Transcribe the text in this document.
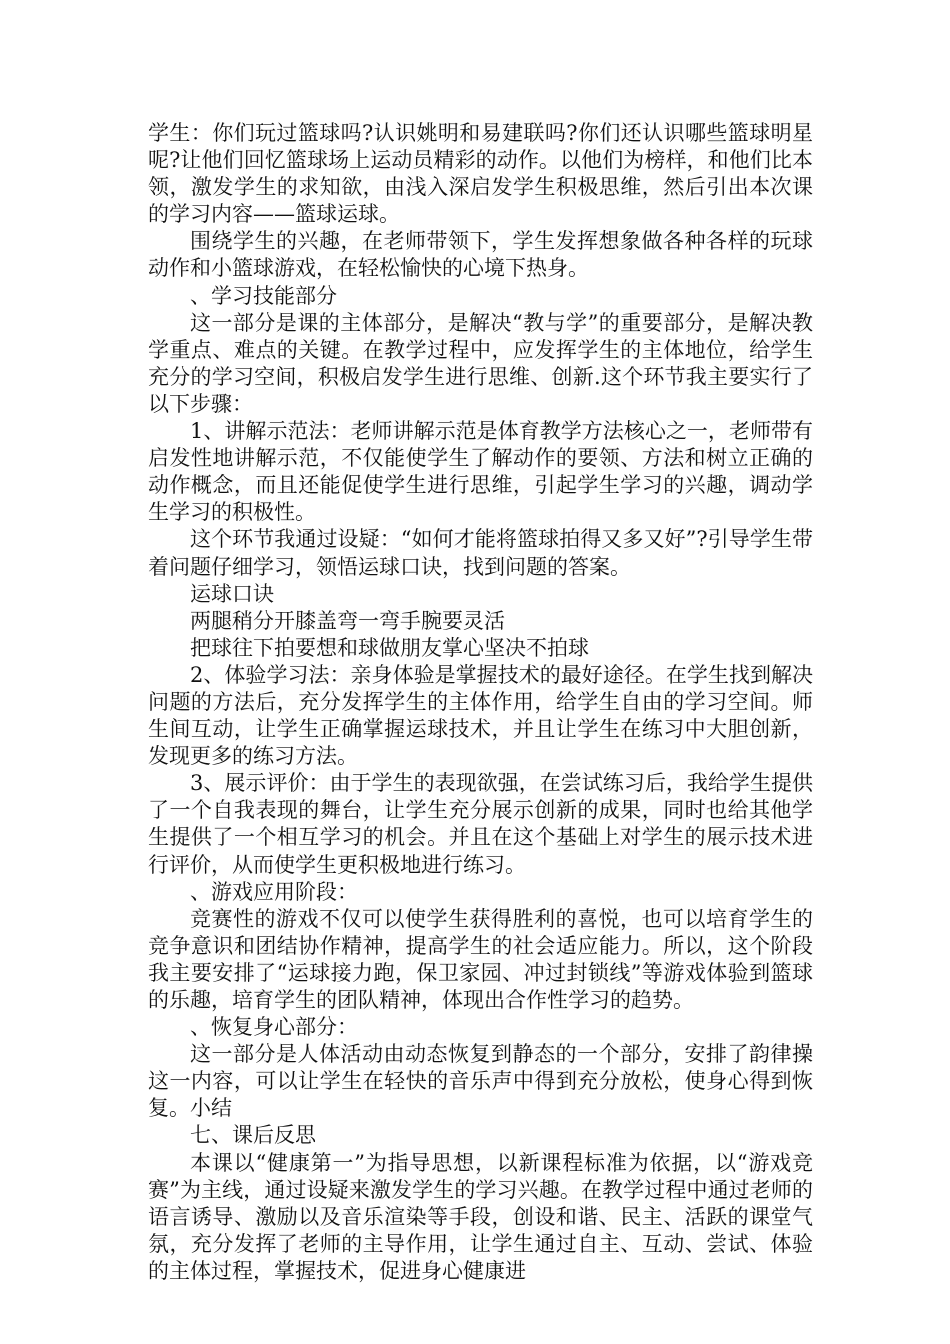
学生：你们玩过篮球吗?认识姚明和易建联吗?你们还认识哪些篮球明星呢?让他们回忆篮球场上运动员精彩的动作。以他们为榜样，和他们比本领，激发学生的求知欲，由浅入深启发学生积极思维，然后引出本次课的学习内容——篮球运球。

围绕学生的兴趣，在老师带领下，学生发挥想象做各种各样的玩球动作和小篮球游戏，在轻松愉快的心境下热身。

、学习技能部分

这一部分是课的主体部分，是解决“教与学”的重要部分，是解决教学重点、难点的关键。在教学过程中，应发挥学生的主体地位，给学生充分的学习空间，积极启发学生进行思维、创新.这个环节我主要实行了以下步骤：

1、讲解示范法：老师讲解示范是体育教学方法核心之一，老师带有启发性地讲解示范，不仅能使学生了解动作的要领、方法和树立正确的动作概念，而且还能促使学生进行思维，引起学生学习的兴趣，调动学生学习的积极性。

这个环节我通过设疑：“如何才能将篮球拍得又多又好”?引导学生带着问题仔细学习，领悟运球口诀，找到问题的答案。

运球口诀

两腿稍分开膝盖弯一弯手腕要灵活

把球往下拍要想和球做朋友掌心坚决不拍球

2、体验学习法：亲身体验是掌握技术的最好途径。在学生找到解决问题的方法后，充分发挥学生的主体作用，给学生自由的学习空间。师生间互动，让学生正确掌握运球技术，并且让学生在练习中大胆创新，发现更多的练习方法。

3、展示评价：由于学生的表现欲强，在尝试练习后，我给学生提供了一个自我表现的舞台，让学生充分展示创新的成果，同时也给其他学生提供了一个相互学习的机会。并且在这个基础上对学生的展示技术进行评价，从而使学生更积极地进行练习。

、游戏应用阶段：

竞赛性的游戏不仅可以使学生获得胜利的喜悦，也可以培育学生的竞争意识和团结协作精神，提高学生的社会适应能力。所以，这个阶段我主要安排了“运球接力跑，保卫家园、冲过封锁线”等游戏体验到篮球的乐趣，培育学生的团队精神，体现出合作性学习的趋势。

、恢复身心部分：

这一部分是人体活动由动态恢复到静态的一个部分，安排了韵律操这一内容，可以让学生在轻快的音乐声中得到充分放松，使身心得到恢复。小结

七、课后反思

本课以“健康第一”为指导思想，以新课程标准为依据，以“游戏竞赛”为主线，通过设疑来激发学生的学习兴趣。在教学过程中通过老师的语言诱导、激励以及音乐渲染等手段，创设和谐、民主、活跃的课堂气氛，充分发挥了老师的主导作用，让学生通过自主、互动、尝试、体验的主体过程，掌握技术，促进身心健康进
